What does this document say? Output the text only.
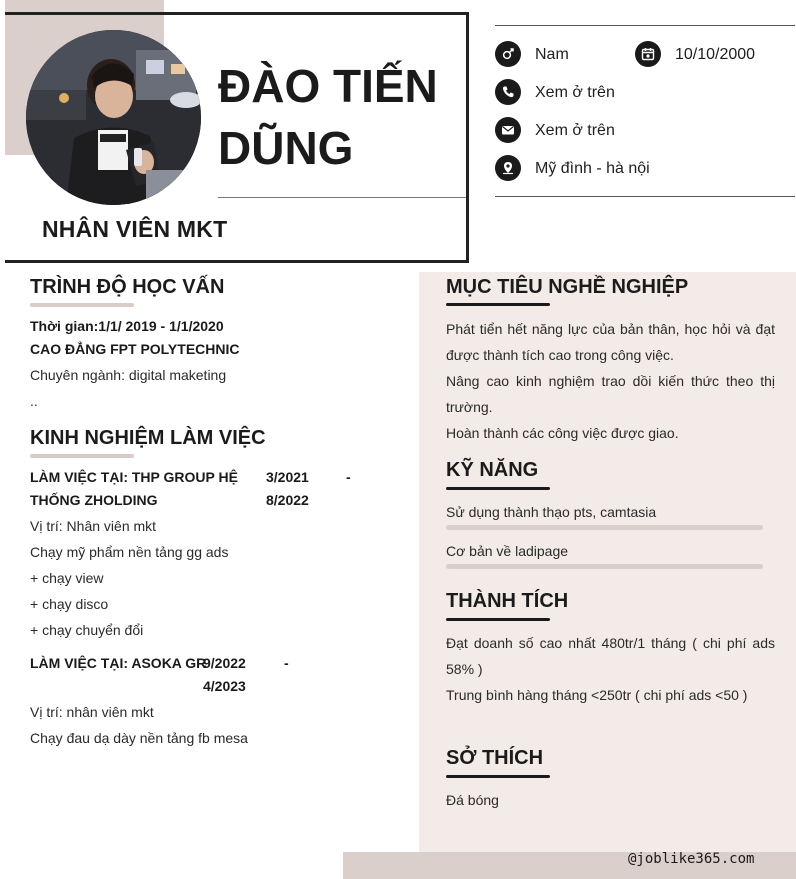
ĐÀO TIẾN
DŨNG
NHÂN VIÊN MKT
Nam	10/10/2000
Xem ở trên
Xem ở trên
Mỹ đình - hà nội
TRÌNH ĐỘ HỌC VẤN
Thời gian:1/1/ 2019 - 1/1/2020
CAO ĐẲNG FPT POLYTECHNIC
Chuyên ngành: digital maketing
..
KINH NGHIỆM LÀM VIỆC
LÀM VIỆC TẠI: THP GROUP HỆ
THỐNG ZHOLDING
3/2021	-
8/2022
Vị trí: Nhân viên mkt
Chạy mỹ phẩm nền tảng gg ads
+ chạy view
+ chạy disco
+ chạy chuyển đổi
LÀM VIỆC TẠI: ASOKA GR
9/2022	-
4/2023
Vị trí: nhân viên mkt
Chạy đau dạ dày nền tảng fb mesa
MỤC TIÊU NGHỀ NGHIỆP
Phát tiển hết năng lực của bản thân, học hỏi và đạt được thành tích cao trong công việc.
Nâng cao kinh nghiệm trao dồi kiến thức theo thị trường.
Hoàn thành các công việc được giao.
KỸ NĂNG
Sử dụng thành thạo pts, camtasia
Cơ bản về ladipage
THÀNH TÍCH
Đạt doanh số cao nhất 480tr/1 tháng ( chi phí ads 58% )
Trung bình hàng tháng <250tr ( chi phí ads <50 )
SỞ THÍCH
Đá bóng
@joblike365.com
